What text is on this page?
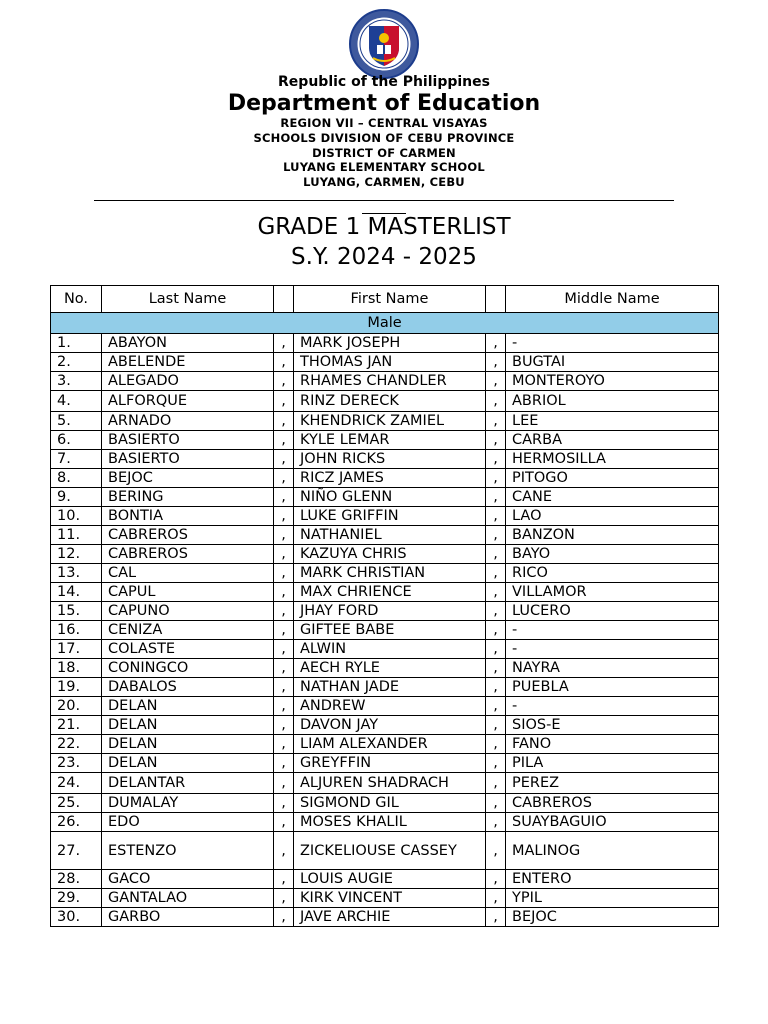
Republic of the Philippines
Department of Education
REGION VII – CENTRAL VISAYAS
SCHOOLS DIVISION OF CEBU PROVINCE
DISTRICT OF CARMEN
LUYANG ELEMENTARY SCHOOL
LUYANG, CARMEN, CEBU
GRADE 1 MASTERLIST
S.Y. 2024 - 2025
No.	Last Name		First Name		Middle Name
Male					
1.	ABAYON	,	MARK JOSEPH	,	-
2.	ABELENDE	,	THOMAS JAN	,	BUGTAI
3.	ALEGADO	,	RHAMES CHANDLER	,	MONTEROYO
4.	ALFORQUE	,	RINZ DERECK	,	ABRIOL
5.	ARNADO	,	KHENDRICK ZAMIEL	,	LEE
6.	BASIERTO	,	KYLE LEMAR	,	CARBA
7.	BASIERTO	,	JOHN RICKS	,	HERMOSILLA
8.	BEJOC	,	RICZ JAMES	,	PITOGO
9.	BERING	,	NIÑO GLENN	,	CANE
10.	BONTIA	,	LUKE GRIFFIN	,	LAO
11.	CABREROS	,	NATHANIEL	,	BANZON
12.	CABREROS	,	KAZUYA CHRIS	,	BAYO
13.	CAL	,	MARK CHRISTIAN	,	RICO
14.	CAPUL	,	MAX CHRIENCE	,	VILLAMOR
15.	CAPUNO	,	JHAY FORD	,	LUCERO
16.	CENIZA	,	GIFTEE BABE	,	-
17.	COLASTE	,	ALWIN	,	-
18.	CONINGCO	,	AECH RYLE	,	NAYRA
19.	DABALOS	,	NATHAN JADE	,	PUEBLA
20.	DELAN	,	ANDREW	,	-
21.	DELAN	,	DAVON JAY	,	SIOS-E
22.	DELAN	,	LIAM ALEXANDER	,	FANO
23.	DELAN	,	GREYFFIN	,	PILA
24.	DELANTAR	,	ALJUREN SHADRACH	,	PEREZ
25.	DUMALAY	,	SIGMOND GIL	,	CABREROS
26.	EDO	,	MOSES KHALIL	,	SUAYBAGUIO
27.	ESTENZO	,	ZICKELIOUSE CASSEY	,	MALINOG
28.	GACO	,	LOUIS AUGIE	,	ENTERO
29.	GANTALAO	,	KIRK VINCENT	,	YPIL
30.	GARBO	,	JAVE ARCHIE	,	BEJOC
